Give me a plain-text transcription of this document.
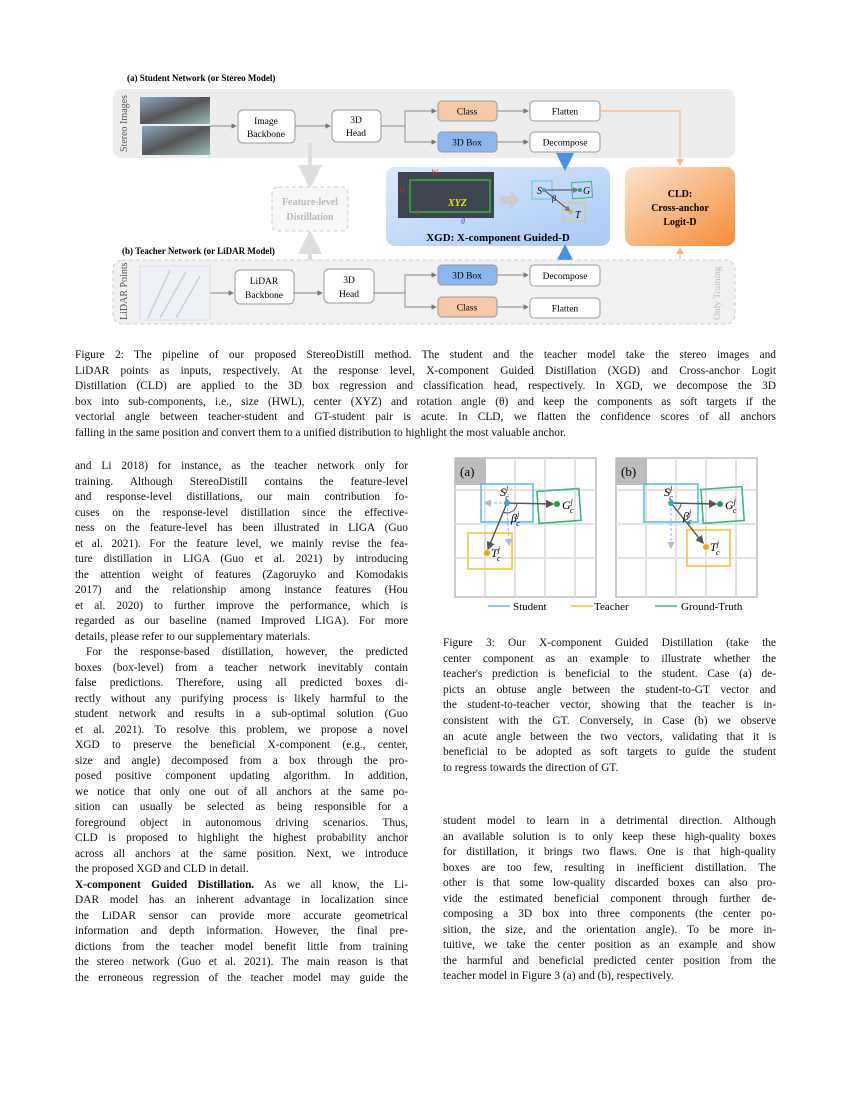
(a) Student Network (or Stereo Model)
Stereo Images	Image
Backbone
3D
Head
Class	Flatten
3D Box	Decompose
Feature-level
Distillation
W
H
L
XYZ
θ
S	G
T
β
XGD: X-component Guided-D
CLD:
Cross-anchor
Logit-D
(b) Teacher Network (or LiDAR Model)
LiDAR Points	Only Training
LiDAR
Backbone
3D
Head
3D Box	Decompose
Class	Flatten
Figure 2: The pipeline of our proposed StereoDistill method. The student and the teacher model take the stereo images and
LiDAR points as inputs, respectively. At the response level, X-component Guided Distillation (XGD) and Cross-anchor Logit
Distillation (CLD) are applied to the 3D box regression and classification head, respectively. In XGD, we decompose the 3D
box into sub-components, i.e., size (HWL), center (XYZ) and rotation angle (θ) and keep the components as soft targets if the
vectorial angle between teacher-student and GT-student pair is acute. In CLD, we flatten the confidence scores of all anchors
falling in the same position and convert them to a unified distribution to highlight the most valuable anchor.
and Li 2018) for instance, as the teacher network only for
training. Although StereoDistill contains the feature-level
and response-level distillations, our main contribution fo-
cuses on the response-level distillation since the effective-
ness on the feature-level has been illustrated in LIGA (Guo
et al. 2021). For the feature level, we mainly revise the fea-
ture distillation in LIGA (Guo et al. 2021) by introducing
the attention weight of features (Zagoruyko and Komodakis
2017) and the relationship among instance features (Hou
et al. 2020) to further improve the performance, which is
regarded as our baseline (named Improved LIGA). For more
details, please refer to our supplementary materials.
For the response-based distillation, however, the predicted
boxes (box-level) from a teacher network inevitably contain
false predictions. Therefore, using all predicted boxes di-
rectly without any purifying process is likely harmful to the
student network and results in a sub-optimal solution (Guo
et al. 2021). To resolve this problem, we propose a novel
XGD to preserve the beneficial X-component (e.g., center,
size and angle) decomposed from a box through the pro-
posed positive component updating algorithm. In addition,
we notice that only one out of all anchors at the same po-
sition can usually be selected as being responsible for a
foreground object in autonomous driving scenarios. Thus,
CLD is proposed to highlight the highest probability anchor
across all anchors at the same position. Next, we introduce
the proposed XGD and CLD in detail.
X-component Guided Distillation. As we all know, the Li-
DAR model has an inherent advantage in localization since
the LiDAR sensor can provide more accurate geometrical
information and depth information. However, the final pre-
dictions from the teacher model benefit little from training
the stereo network (Guo et al. 2021). The main reason is that
the erroneous regression of the teacher model may guide the
(a)
$S^j$ c
$G^j$ c
$T^j$ c
$\beta^j$ c
(b)
$S^j$ c
$G^j$ c
$T^j$ c
$\beta^j$ c
Student	Teacher	Ground-Truth
Figure 3: Our X-component Guided Distillation (take the
center component as an example to illustrate whether the
teacher's prediction is beneficial to the student. Case (a) de-
picts an obtuse angle between the student-to-GT vector and
the student-to-teacher vector, showing that the teacher is in-
consistent with the GT. Conversely, in Case (b) we observe
an acute angle between the two vectors, validating that it is
beneficial to be adopted as soft targets to guide the student
to regress towards the direction of GT.
student model to learn in a detrimental direction. Although
an available solution is to only keep these high-quality boxes
for distillation, it brings two flaws. One is that high-quality
boxes are too few, resulting in inefficient distillation. The
other is that some low-quality discarded boxes can also pro-
vide the estimated beneficial component through further de-
composing a 3D box into three components (the center po-
sition, the size, and the orientation angle). To be more in-
tuitive, we take the center position as an example and show
the harmful and beneficial predicted center position from the
teacher model in Figure 3 (a) and (b), respectively.
